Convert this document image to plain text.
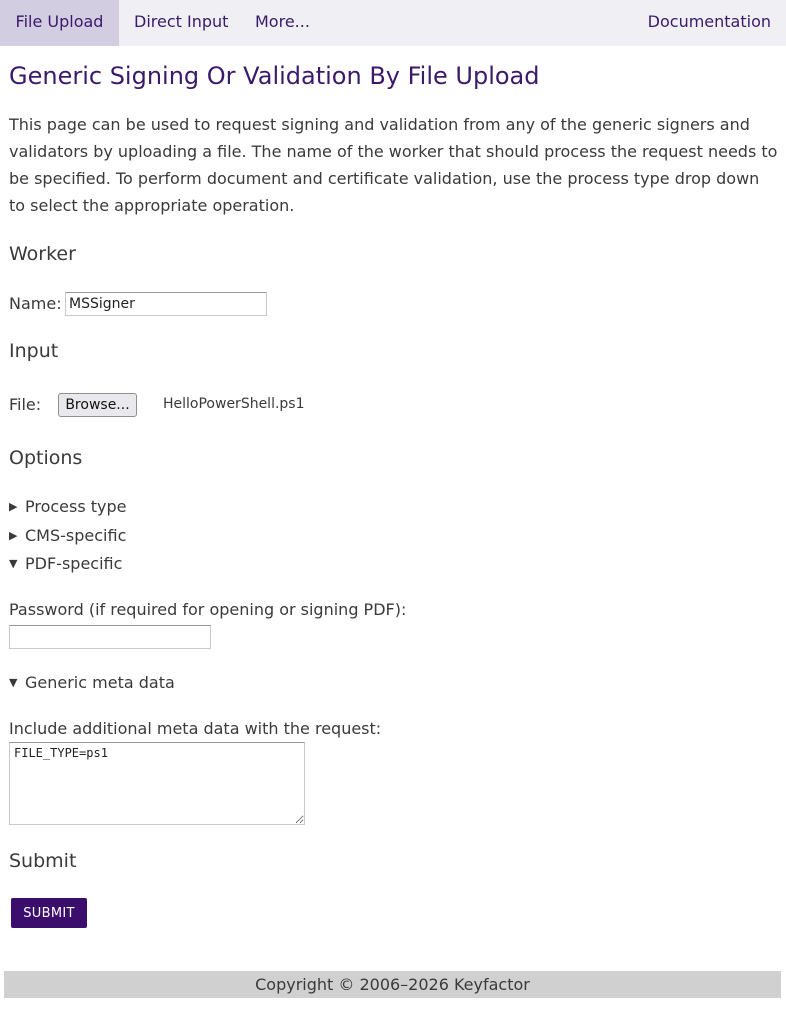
File Upload	Direct Input More...	Documentation
Generic Signing Or Validation By File Upload

This page can be used to request signing and validation from any of the generic signers and validators by uploading a file. The name of the worker that should process the request needs to be specified. To perform document and certificate validation, use the process type drop down to select the appropriate operation.

Worker
Name:
MSSigner
Input
File:	Browse...	HelloPowerShell.ps1
Options
▶ Process type
▶ CMS-specific
▼ PDF-specific
Password (if required for opening or signing PDF):
▼ Generic meta data
Include additional meta data with the request:
FILE_TYPE=ps1
Submit
SUBMIT
Copyright © 2006–2026 Keyfactor
